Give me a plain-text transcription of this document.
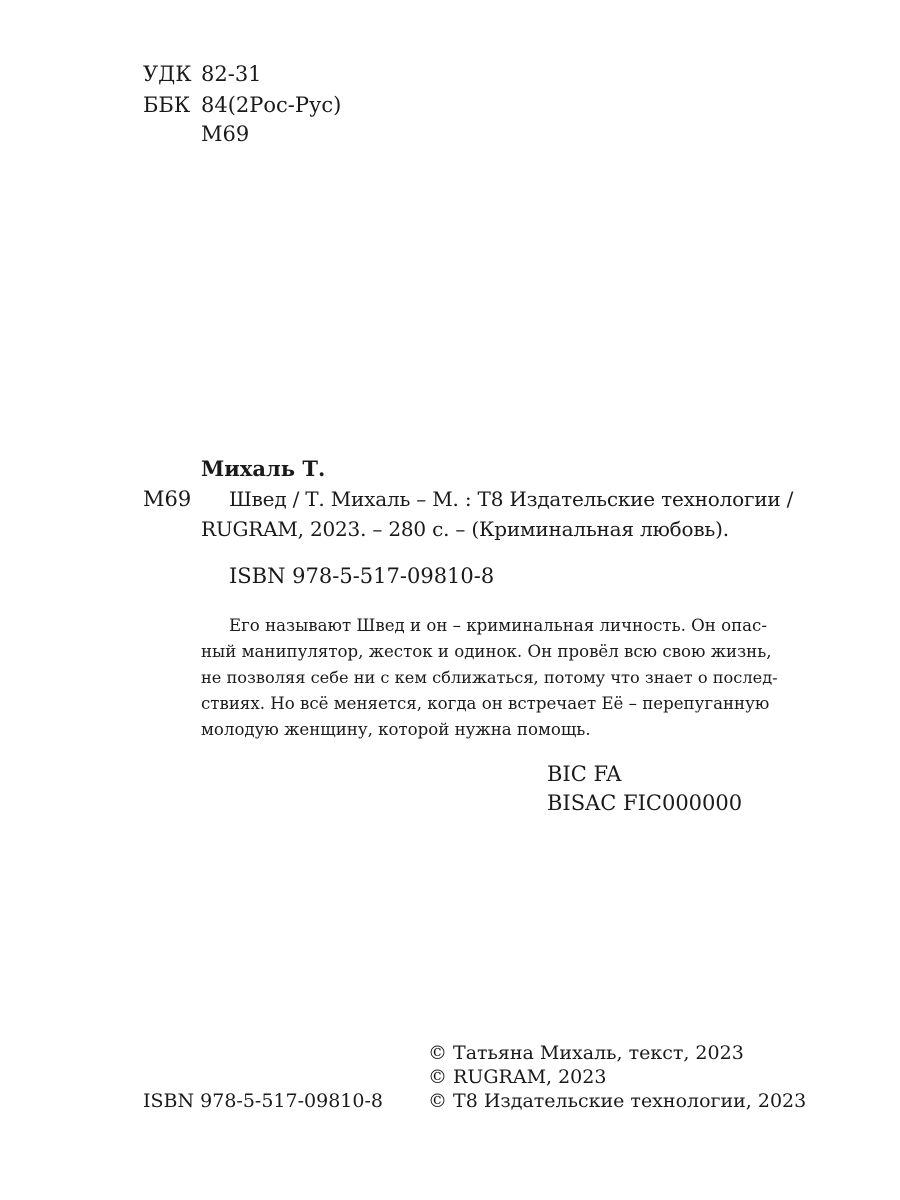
УДК 82-31
ББК 84(2Рос-Рус)
М69
Михаль Т.
М69 Швед / Т. Михаль – М. : Т8 Издательские технологии /
RUGRAM, 2023. – 280 с. – (Криминальная любовь).
ISBN 978-5-517-09810-8
Его называют Швед и он – криминальная личность. Он опас-
ный манипулятор, жесток и одинок. Он провёл всю свою жизнь,
не позволяя себе ни с кем сближаться, потому что знает о послед-
ствиях. Но всё меняется, когда он встречает Её – перепуганную
молодую женщину, которой нужна помощь.
BIC FA
BISAC FIC000000
ISBN 978-5-517-09810-8
© Татьяна Михаль, текст, 2023
© RUGRAM, 2023
© Т8 Издательские технологии, 2023
